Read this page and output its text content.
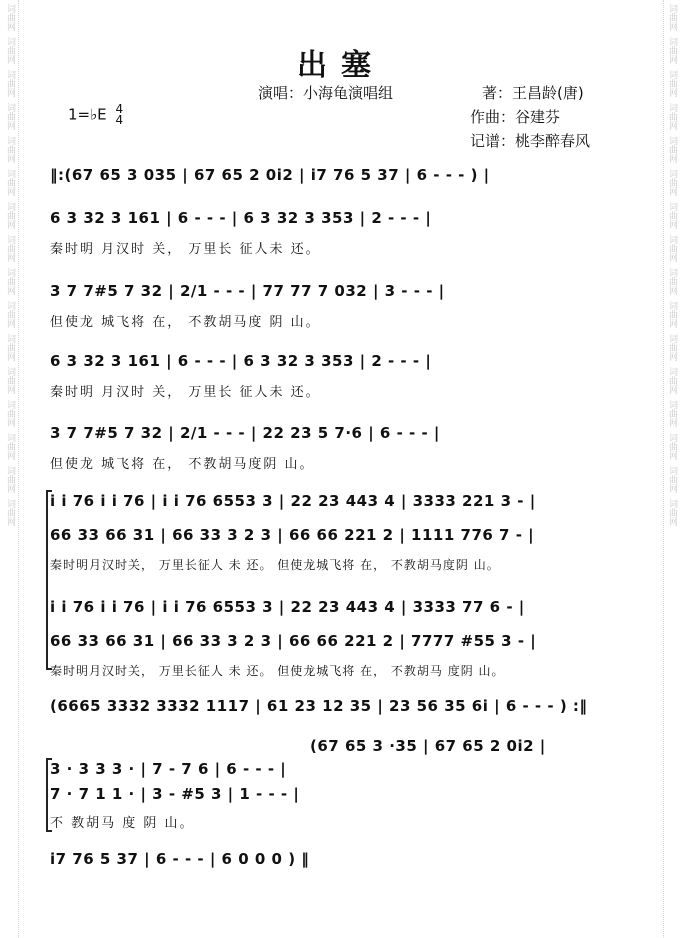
词曲网
词曲网
词曲网
词曲网
词曲网
词曲网
词曲网
词曲网
词曲网
词曲网
词曲网
词曲网
词曲网
词曲网
词曲网
词曲网
词曲网
词曲网
词曲网
词曲网
词曲网
词曲网
词曲网
词曲网
词曲网
词曲网
词曲网
词曲网
词曲网
词曲网
词曲网
词曲网
出塞
演唱：小海龟演唱组	著：王昌龄(唐)
作曲：谷建芬
记谱：桃李醉春风
1=♭E 4
4
‖:(67 65 3 035 | 67 65 2 0i2 | i7 76 5 37 | 6 - - - ) |
6 3 32 3 161 | 6 - - - | 6 3 32 3 353 | 2 - - - |
秦时明 月汉时 关， 万里长 征人未 还。
3 7 7#5 7 32 | 2/1 - - - | 77 77 7 032 | 3 - - - |
但使龙 城飞将 在， 不教胡马度 阴 山。
6 3 32 3 161 | 6 - - - | 6 3 32 3 353 | 2 - - - |
秦时明 月汉时 关， 万里长 征人未 还。
3 7 7#5 7 32 | 2/1 - - - | 22 23 5 7·6 | 6 - - - |
但使龙 城飞将 在， 不教胡马度阴 山。
i i 76 i i 76 | i i 76 6553 3 | 22 23 443 4 | 3333 221 3 - |
66 33 66 31 | 66 33 3 2 3 | 66 66 221 2 | 1111 776 7 - |
秦时明月汉时关， 万里长征人 未 还。 但使龙城飞将 在， 不教胡马度阴 山。
i i 76 i i 76 | i i 76 6553 3 | 22 23 443 4 | 3333 77 6 - |
66 33 66 31 | 66 33 3 2 3 | 66 66 221 2 | 7777 #55 3 - |
秦时明月汉时关， 万里长征人 未 还。 但使龙城飞将 在， 不教胡马 度阴 山。
(6665 3332 3332 1117 | 61 23 12 35 | 23 56 35 6i | 6 - - - ) :‖
(67 65 3 ·35 | 67 65 2 0i2 |
3 · 3 3 3 · | 7 - 7 6 | 6 - - - |
7 · 7 1 1 · | 3 - #5 3 | 1 - - - |
不 教胡马 度 阴 山。
i7 76 5 37 | 6 - - - | 6 0 0 0 ) ‖
